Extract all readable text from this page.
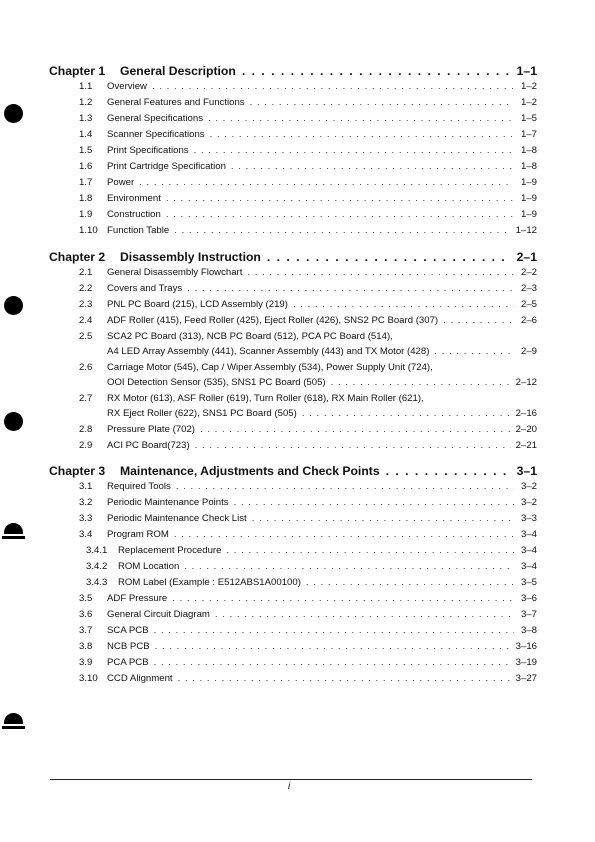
Chapter 1	General Description . . .	1–1
1.1 Overview . . .	1–2
1.2 General Features and Functions . . .	1–2
1.3 General Specifications . . .	1–5
1.4 Scanner Specifications . . .	1–7
1.5 Print Specifications . . .	1–8
1.6 Print Cartridge Specification . . .	1–8
1.7 Power . . .	1–9
1.8 Environment . . .	1–9
1.9 Construction . . .	1–9
1.10 Function Table . . .	1–12
Chapter 2	Disassembly Instruction . . .	2–1
2.1 General Disassembly Flowchart . . .	2–2
2.2 Covers and Trays . . .	2–3
2.3 PNL PC Board (215), LCD Assembly (219) . . .	2–5
2.4 ADF Roller (415), Feed Roller (425), Eject Roller (426), SNS2 PC Board (307) . . .	2–6
2.5 SCA2 PC Board (313), NCB PC Board (512), PCA PC Board (514),
A4 LED Array Assembly (441), Scanner Assembly (443) and TX Motor (428) . . .	2–9
2.6 Carriage Motor (545), Cap / Wiper Assembly (534), Power Supply Unit (724),
OOI Detection Sensor (535), SNS1 PC Board (505) . . .	2–12
2.7 RX Motor (613), ASF Roller (619), Turn Roller (618), RX Main Roller (621),
RX Eject Roller (622), SNS1 PC Board (505) . . .	2–16
2.8 Pressure Plate (702) . . .	2–20
2.9 ACI PC Board(723) . . .	2–21
Chapter 3	Maintenance, Adjustments and Check Points . . .	3–1
3.1 Required Tools . . .	3–2
3.2 Periodic Maintenance Points . . .	3–2
3.3 Periodic Maintenance Check List . . .	3–3
3.4 Program ROM . . .	3–4
3.4.1 Replacement Procedure . . .	3–4
3.4.2 ROM Location . . .	3–4
3.4.3 ROM Label (Example : E512ABS1A00100) . . .	3–5
3.5 ADF Pressure . . .	3–6
3.6 General Circuit Diagram . . .	3–7
3.7 SCA PCB . . .	3–8
3.8 NCB PCB . . .	3–16
3.9 PCA PCB . . .	3–19
3.10 CCD Alignment . . .	3–27
i
